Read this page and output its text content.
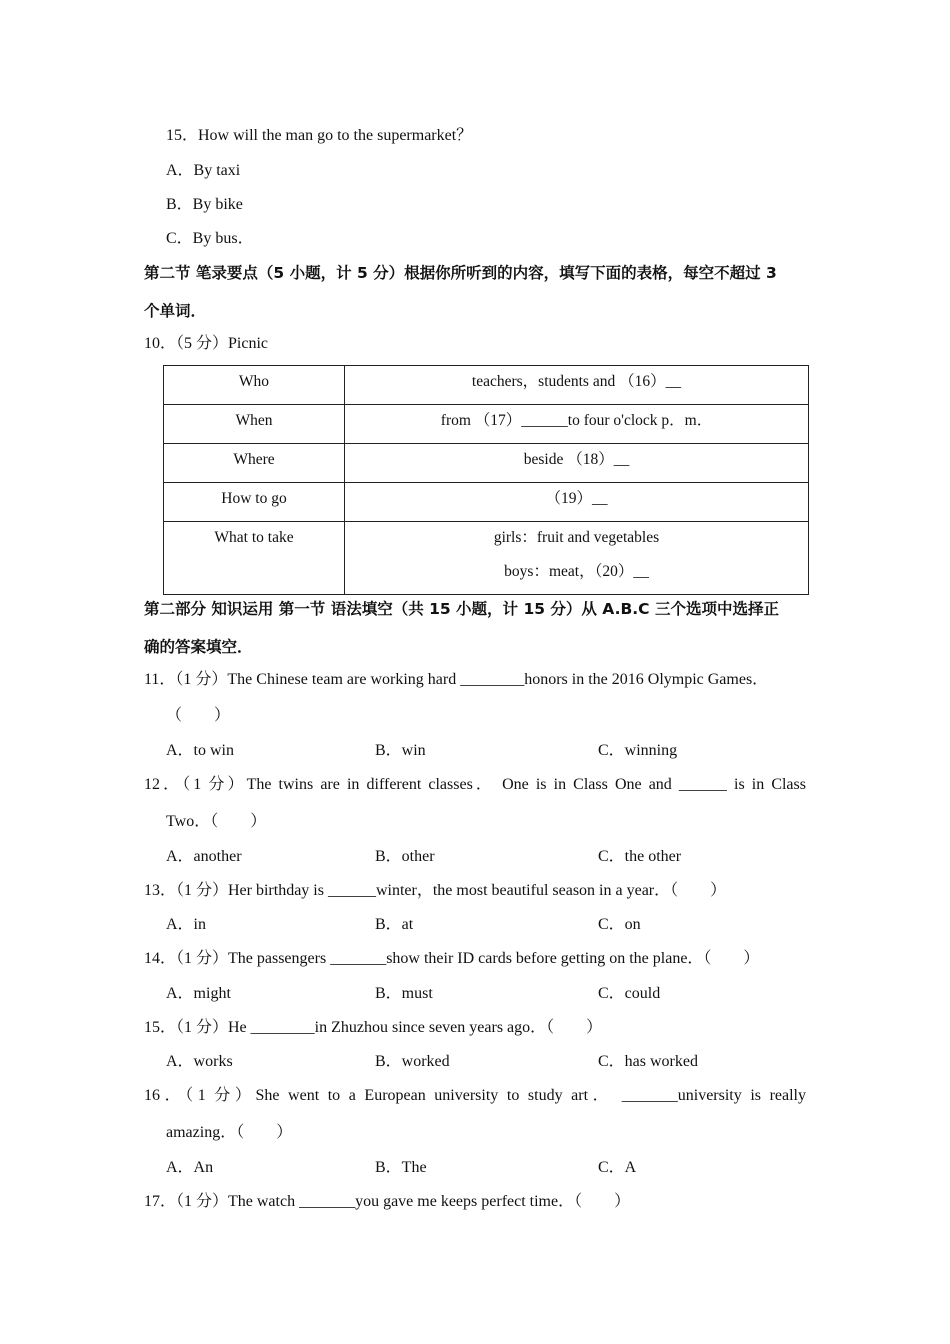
15．How will the man go to the supermarket？
A．By taxi
B．By bike
C．By bus．
第二节 笔录要点（5 小题，计 5 分）根据你所听到的内容，填写下面的表格，每空不超过 3
个单词．
10．（5 分）Picnic
Who	teachers，students and （16）__

When	from （17）______to four o'clock p．m．

Where	beside （18）__

How to go	（19）__

What to take	girls：fruit and vegetables
boys：meat，（20）__
第二部分 知识运用 第一节 语法填空（共 15 小题，计 15 分）从 A.B.C 三个选项中选择正
确的答案填空．
11．（1 分）The Chinese team are working hard ________honors in the 2016 Olympic Games．
（　　）
A．to win	B．win	C．winning
12．（1 分）The twins are in different classes． One is in Class One and ______ is in Class
Two．（　　）
A．another	B．other	C．the other
13．（1 分）Her birthday is ______winter，the most beautiful season in a year．（　　）
A．in	B．at	C．on
14．（1 分）The passengers _______show their ID cards before getting on the plane．（　　）
A．might	B．must	C．could
15．（1 分）He ________in Zhuzhou since seven years ago．（　　）
A．works	B．worked	C．has worked
16．（1 分）She went to a European university to study art． _______university is really
amazing．（　　）
A．An	B．The	C．A
17．（1 分）The watch _______you gave me keeps perfect time．（　　）
